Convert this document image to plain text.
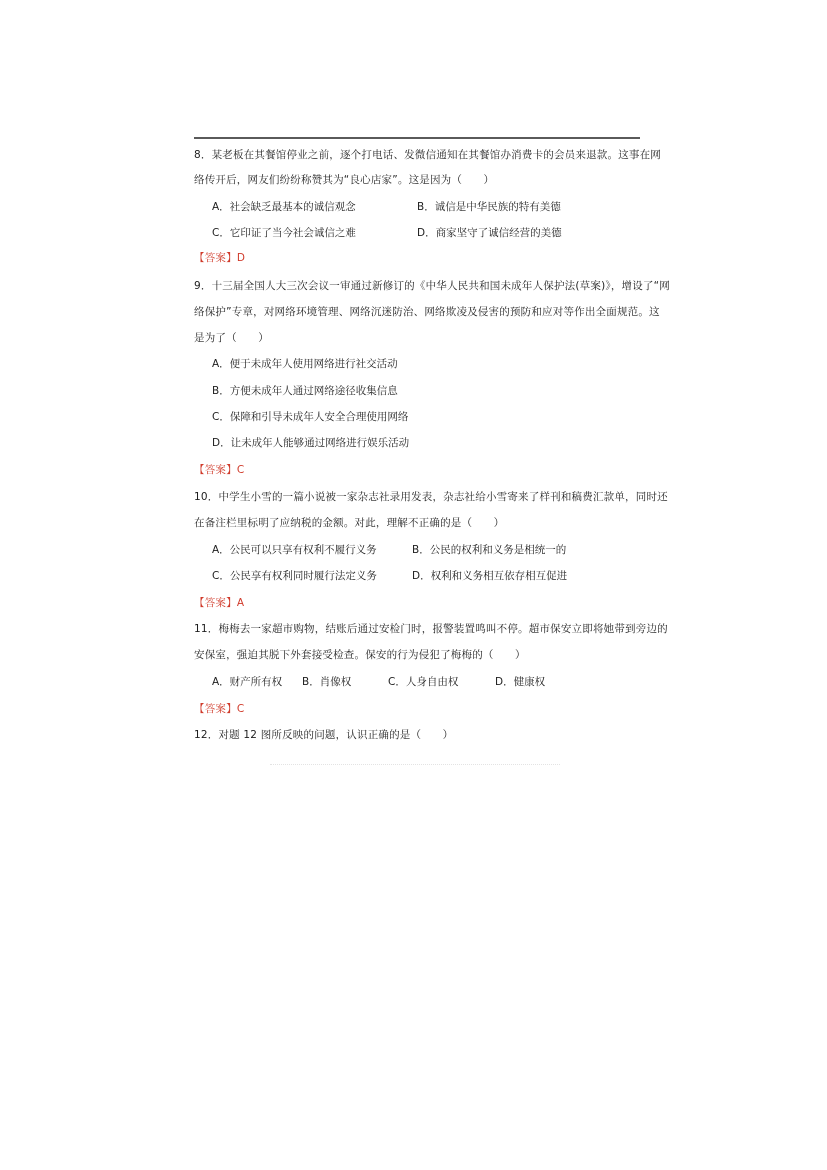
8．某老板在其餐馆停业之前，逐个打电话、发微信通知在其餐馆办消费卡的会员来退款。这事在网
络传开后，网友们纷纷称赞其为“良心店家”。这是因为（　　）
A．社会缺乏最基本的诚信观念	B．诚信是中华民族的特有美德
C．它印证了当今社会诚信之难	D．商家坚守了诚信经营的美德
【答案】D
9．十三届全国人大三次会议一审通过新修订的《中华人民共和国未成年人保护法(草案)》，增设了“网
络保护”专章，对网络环境管理、网络沉迷防治、网络欺凌及侵害的预防和应对等作出全面规范。这
是为了（　　）
A．便于未成年人使用网络进行社交活动
B．方便未成年人通过网络途径收集信息
C．保障和引导未成年人安全合理使用网络
D．让未成年人能够通过网络进行娱乐活动
【答案】C
10．中学生小雪的一篇小说被一家杂志社录用发表，杂志社给小雪寄来了样刊和稿费汇款单，同时还
在备注栏里标明了应纳税的金额。对此，理解不正确的是（　　）
A．公民可以只享有权利不履行义务	B．公民的权利和义务是相统一的
C．公民享有权利同时履行法定义务	D．权利和义务相互依存相互促进
【答案】A
11．梅梅去一家超市购物，结账后通过安检门时，报警装置鸣叫不停。超市保安立即将她带到旁边的
安保室，强迫其脱下外套接受检查。保安的行为侵犯了梅梅的（　　）
A．财产所有权 B．肖像权	C．人身自由权	D．健康权
【答案】C
12．对题 12 图所反映的问题，认识正确的是（　　）
